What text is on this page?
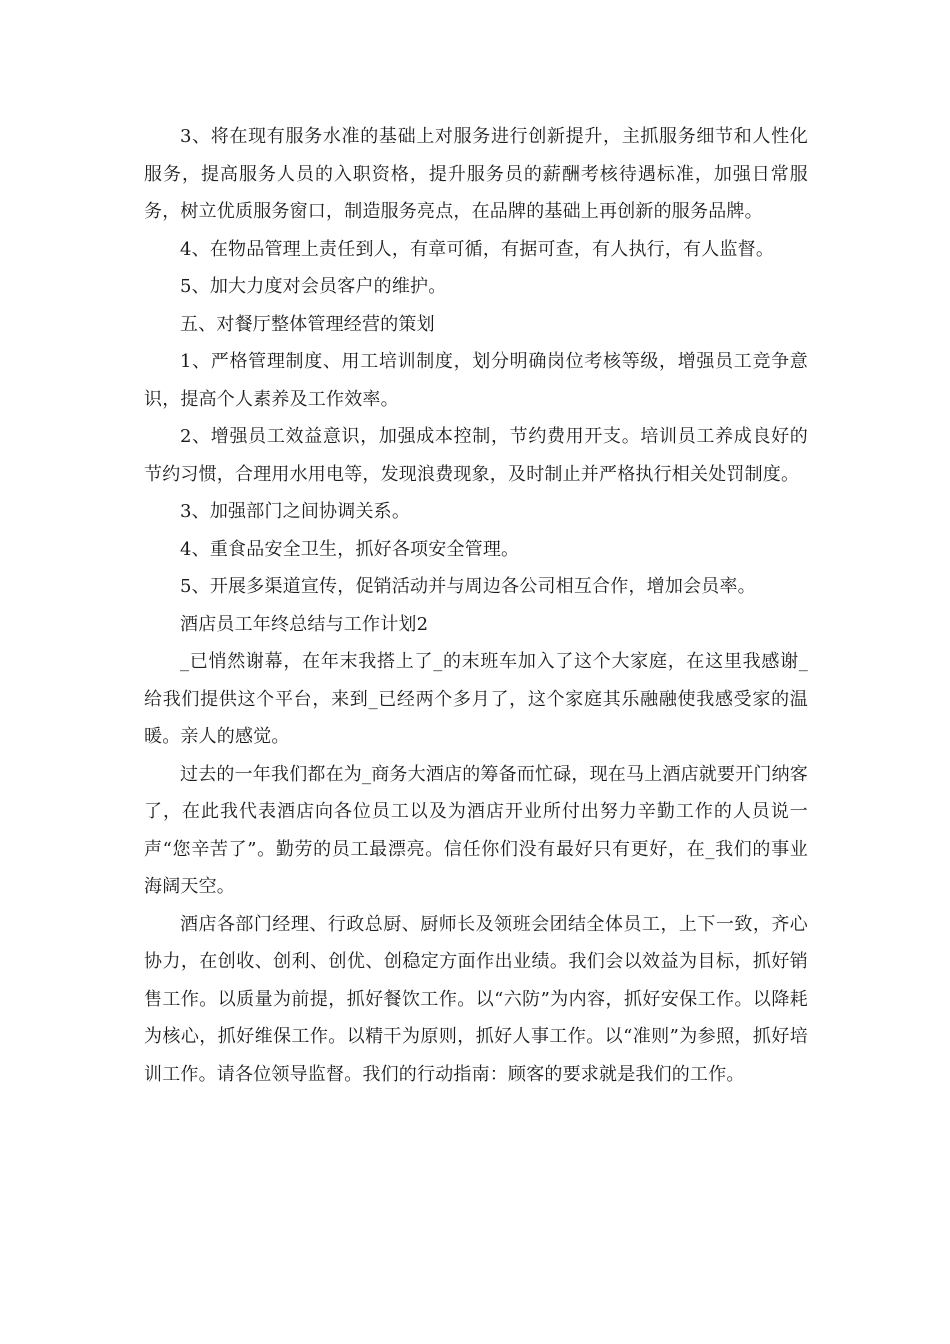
3、将在现有服务水准的基础上对服务进行创新提升，主抓服务细节和人性化服务，提高服务人员的入职资格，提升服务员的薪酬考核待遇标准，加强日常服务，树立优质服务窗口，制造服务亮点，在品牌的基础上再创新的服务品牌。

4、在物品管理上责任到人，有章可循，有据可查，有人执行，有人监督。

5、加大力度对会员客户的维护。

五、对餐厅整体管理经营的策划

1、严格管理制度、用工培训制度，划分明确岗位考核等级，增强员工竞争意识，提高个人素养及工作效率。

2、增强员工效益意识，加强成本控制，节约费用开支。培训员工养成良好的节约习惯，合理用水用电等，发现浪费现象，及时制止并严格执行相关处罚制度。

3、加强部门之间协调关系。

4、重食品安全卫生，抓好各项安全管理。

5、开展多渠道宣传，促销活动并与周边各公司相互合作，增加会员率。

酒店员工年终总结与工作计划2

_已悄然谢幕，在年末我搭上了_的末班车加入了这个大家庭，在这里我感谢_给我们提供这个平台，来到_已经两个多月了，这个家庭其乐融融使我感受家的温暖。亲人的感觉。

过去的一年我们都在为_商务大酒店的筹备而忙碌，现在马上酒店就要开门纳客了，在此我代表酒店向各位员工以及为酒店开业所付出努力辛勤工作的人员说一声“您辛苦了”。勤劳的员工最漂亮。信任你们没有最好只有更好，在_我们的事业海阔天空。

酒店各部门经理、行政总厨、厨师长及领班会团结全体员工，上下一致，齐心协力，在创收、创利、创优、创稳定方面作出业绩。我们会以效益为目标，抓好销售工作。以质量为前提，抓好餐饮工作。以“六防”为内容，抓好安保工作。以降耗为核心，抓好维保工作。以精干为原则，抓好人事工作。以“准则”为参照，抓好培训工作。请各位领导监督。我们的行动指南：顾客的要求就是我们的工作。
